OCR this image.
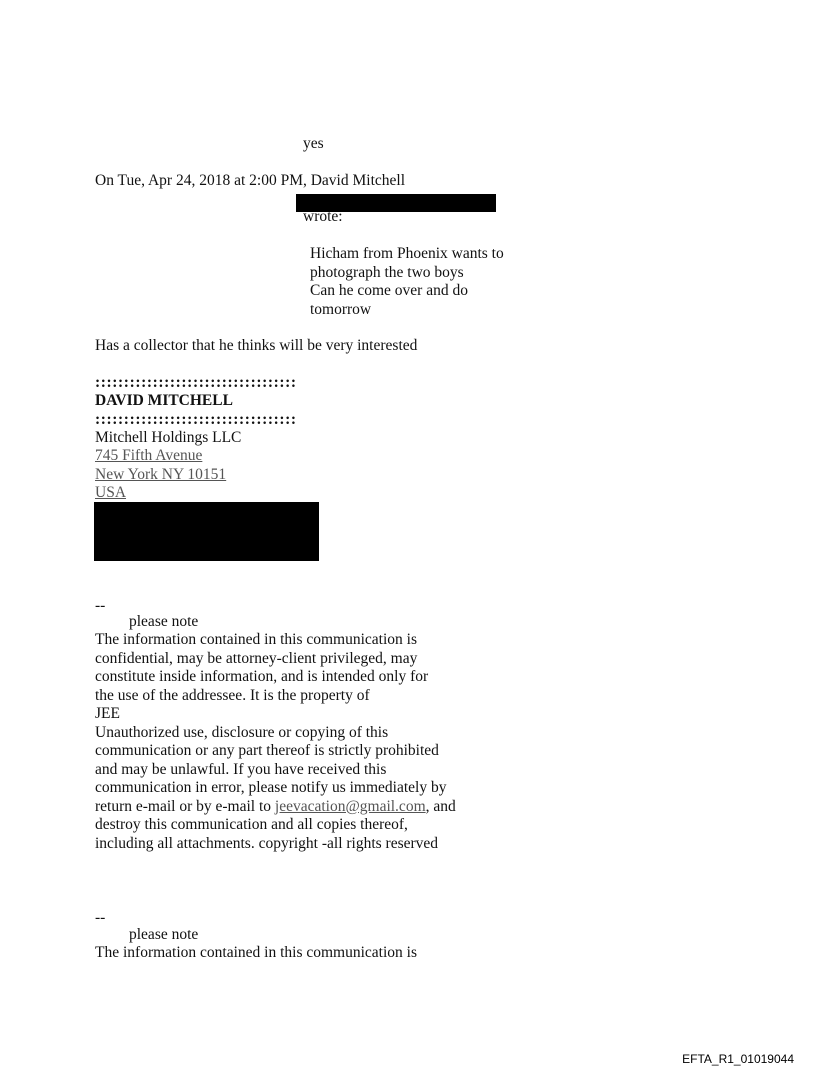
yes
On Tue, Apr 24, 2018 at 2:00 PM, David Mitchell
wrote:
Hicham from Phoenix wants to
photograph the two boys
Can he come over and do
tomorrow
Has a collector that he thinks will be very interested
:::::::::::::::::::::::::::::::::::
DAVID MITCHELL
:::::::::::::::::::::::::::::::::::
Mitchell Holdings LLC
745 Fifth Avenue
New York NY 10151
USA
--
please note
The information contained in this communication is
confidential, may be attorney-client privileged, may
constitute inside information, and is intended only for
the use of the addressee. It is the property of
JEE
Unauthorized use, disclosure or copying of this
communication or any part thereof is strictly prohibited
and may be unlawful. If you have received this
communication in error, please notify us immediately by
return e-mail or by e-mail to jeevacation@gmail.com, and
destroy this communication and all copies thereof,
including all attachments. copyright -all rights reserved
--
please note
The information contained in this communication is
EFTA_R1_01019044
